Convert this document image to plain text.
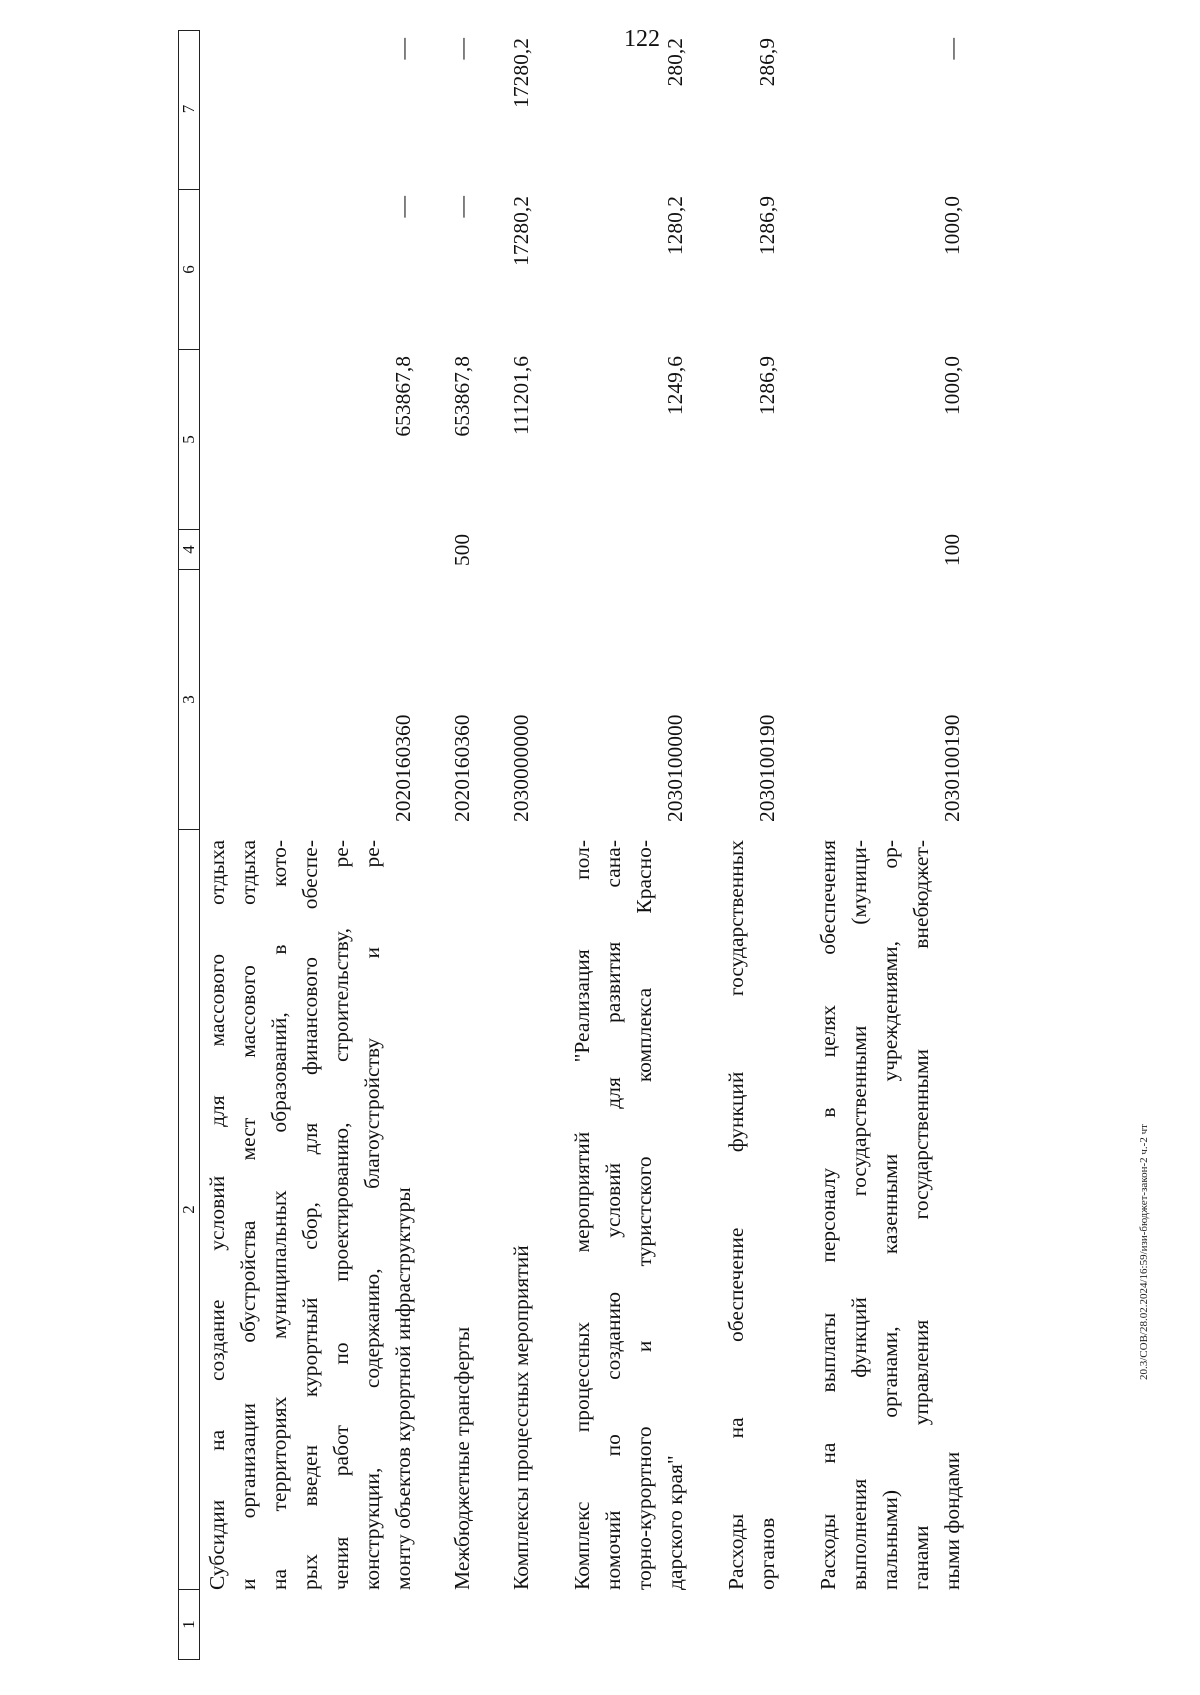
122
20.3/СОВ/28.02.2024/16:59/изи-бюджет-закон-2 ч.-2 чт
1
2
3
4
5
6
7
Субсидии на создание условий для массового отдыха и организации обустройства мест массового отдыха на территориях муниципальных образований, в кото- рых введен курортный сбор, для финансового обеспе- чения работ по проектированию, строительству, ре- конструкции, содержанию, благоустройству и ре- монту объектов курортной инфраструктуры
2020160360
653867,8
—
—
Межбюджетные трансферты
2020160360
500
653867,8
—
—
Комплексы процессных мероприятий
2030000000
111201,6
17280,2
17280,2
Комплекс процессных мероприятий "Реализация пол- номочий по созданию условий для развития сана- торно-курортного и туристского комплекса Красно- дарского края"
2030100000
1249,6
1280,2
280,2
Расходы на обеспечение функций государственных органов
2030100190
1286,9
1286,9
286,9
Расходы на выплаты персоналу в целях обеспечения выполнения функций государственными (муници- пальными) органами, казенными учреждениями, ор- ганами управления государственными внебюджет- ными фондами
2030100190
100
1000,0
1000,0
—
